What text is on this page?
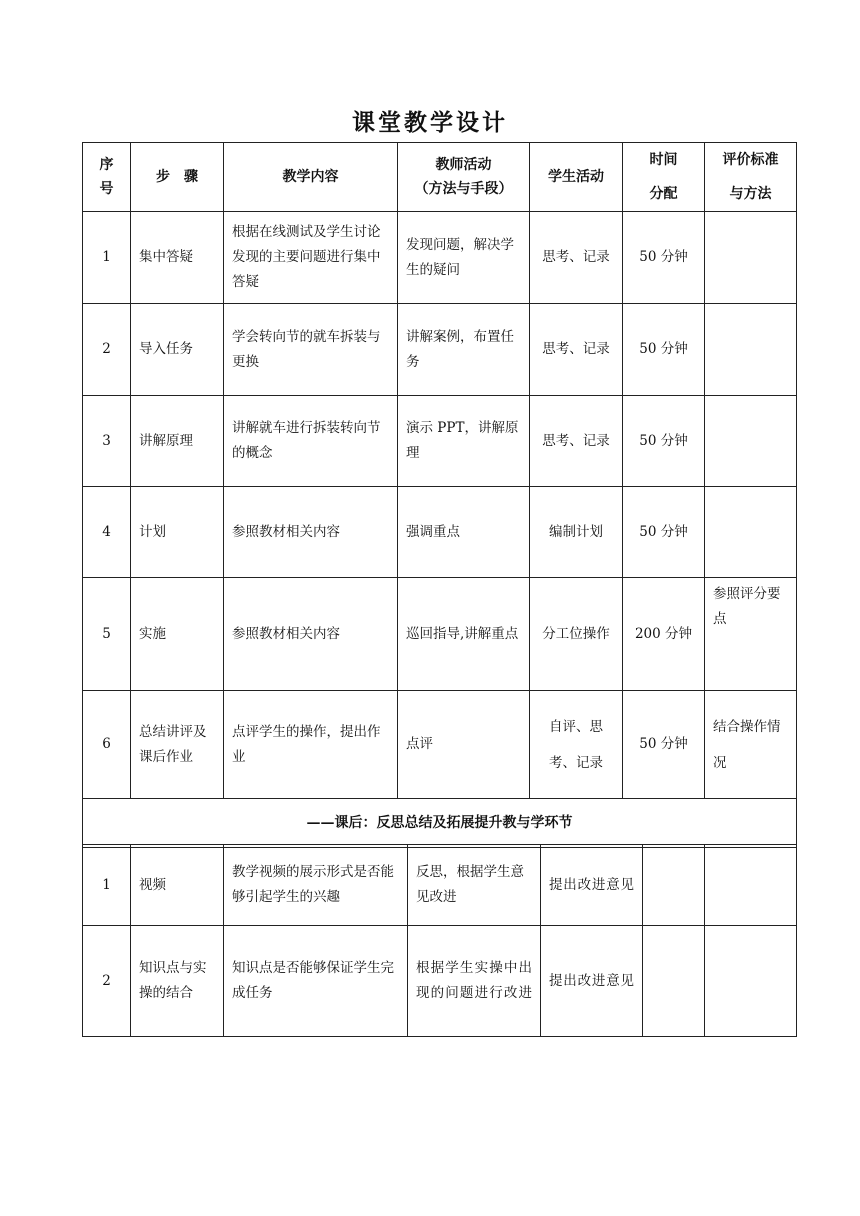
课堂教学设计
序号	步　骤	教学内容	教师活动
（方法与手段）	学生活动	时间分配	评价标准与方法
1	集中答疑	根据在线测试及学生讨论发现的主要问题进行集中答疑	发现问题，解决学生的疑问	思考、记录	50 分钟	
2	导入任务	学会转向节的就车拆装与更换	讲解案例，布置任务	思考、记录	50 分钟	
3	讲解原理	讲解就车进行拆装转向节的概念	演示 PPT，讲解原理	思考、记录	50 分钟	
4	计划	参照教材相关内容	强调重点	编制计划	50 分钟	
5	实施	参照教材相关内容	巡回指导,讲解重点	分工位操作	200 分钟	参照评分要点
6	总结讲评及课后作业	点评学生的操作，提出作业	点评	自评、思考、记录	50 分钟	结合操作情况
——课后：反思总结及拓展提升教与学环节						
1	视频	教学视频的展示形式是否能够引起学生的兴趣	反思，根据学生意见改进	提出改进意见		
2	知识点与实操的结合	知识点是否能够保证学生完成任务	根据学生实操中出现的问题进行改进	提出改进意见		
